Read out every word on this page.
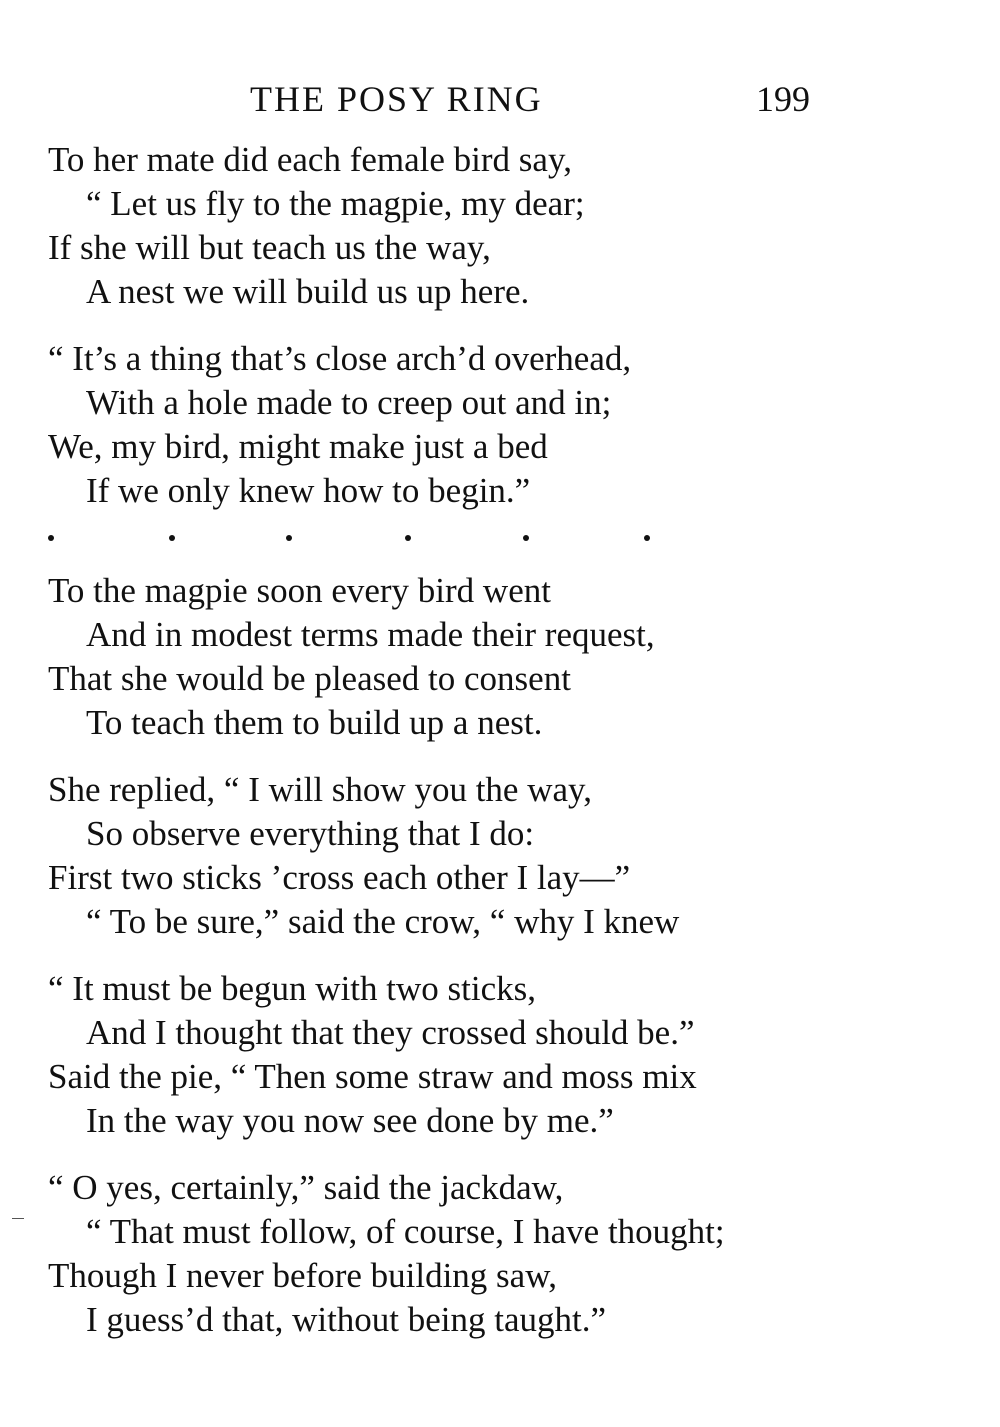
THE POSY RING	199
To her mate did each female bird say,
“ Let us fly to the magpie, my dear;
If she will but teach us the way,
A nest we will build us up here.
“ It’s a thing that’s close arch’d overhead,
With a hole made to creep out and in;
We, my bird, might make just a bed
If we only knew how to begin.”
To the magpie soon every bird went
And in modest terms made their request,
That she would be pleased to consent
To teach them to build up a nest.
She replied, “ I will show you the way,
So observe everything that I do:
First two sticks ’cross each other I lay—”
“ To be sure,” said the crow, “ why I knew
“ It must be begun with two sticks,
And I thought that they crossed should be.”
Said the pie, “ Then some straw and moss mix
In the way you now see done by me.”
“ O yes, certainly,” said the jackdaw,
“ That must follow, of course, I have thought;
Though I never before building saw,
I guess’d that, without being taught.”
